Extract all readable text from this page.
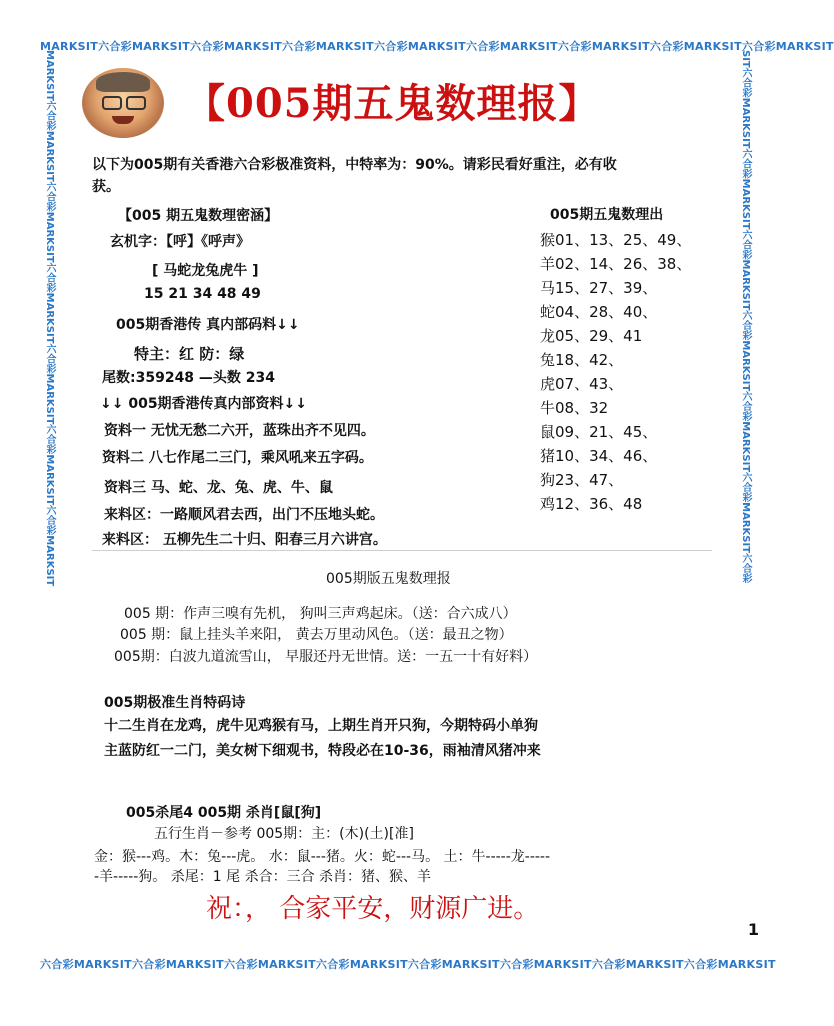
MARKSIT六合彩MARKSIT六合彩MARKSIT六合彩MARKSIT六合彩MARKSIT六合彩MARKSIT六合彩MARKSIT六合彩MARKSIT六合彩MARKSIT
六合彩MARKSIT六合彩MARKSIT六合彩MARKSIT六合彩MARKSIT六合彩MARKSIT六合彩MARKSIT六合彩MARKSIT六合彩MARKSIT
MARKSIT六合彩MARKSIT六合彩MARKSIT六合彩MARKSIT六合彩MARKSIT六合彩MARKSIT六合彩MARKSIT	SIT六合彩MARKSIT六合彩MARKSIT六合彩MARKSIT六合彩MARKSIT六合彩MARKSIT六合彩MARKSIT六合彩
【005期五鬼数理报】
以下为005期有关香港六合彩极准资料，中特率为：90%。请彩民看好重注，必有收
获。
【005 期五鬼数理密涵】
玄机字：【呼】《呼声》
[ 马蛇龙兔虎牛 ]
15 21 34 48 49
005期香港传 真内部码料↓↓
特主：红 防：绿
尾数:359248 —头数 234
↓↓ 005期香港传真内部资料↓↓
资料一 无忧无愁二六开，蓝珠出齐不见四。
资料二 八七作尾二三门，乘风吼来五字码。
资料三 马、蛇、龙、兔、虎、牛、鼠
来料区：一路顺风君去西，出门不压地头蛇。
来料区： 五柳先生二十归、阳春三月六讲宫。
005期五鬼数理出
猴01、13、25、49、
羊02、14、26、38、
马15、27、39、
蛇04、28、40、
龙05、29、41
兔18、42、
虎07、43、
牛08、32
鼠09、21、45、
猪10、34、46、
狗23、47、
鸡12、36、48
005期版五鬼数理报
005 期：作声三嗅有先机， 狗叫三声鸡起床。（送：合六成八）
005 期：鼠上挂头羊来阳， 黄去万里动风色。（送：最丑之物）
005期：白波九道流雪山， 早服还丹无世情。送：一五一十有好料）
005期极准生肖特码诗
十二生肖在龙鸡，虎牛见鸡猴有马，上期生肖开只狗，今期特码小单狗
主蓝防红一二门，美女树下细观书，特段必在10-36，雨袖清风猪冲来
005杀尾4 005期 杀肖[鼠[狗]
五行生肖－参考 005期：主：(木)(土)[准]
金：猴---鸡。木：兔---虎。 水：鼠---猪。火：蛇---马。 土：牛-----龙-----
-羊-----狗。 杀尾：1 尾 杀合：三合 杀肖：猪、猴、羊
祝：， 合家平安，财源广进。
1
